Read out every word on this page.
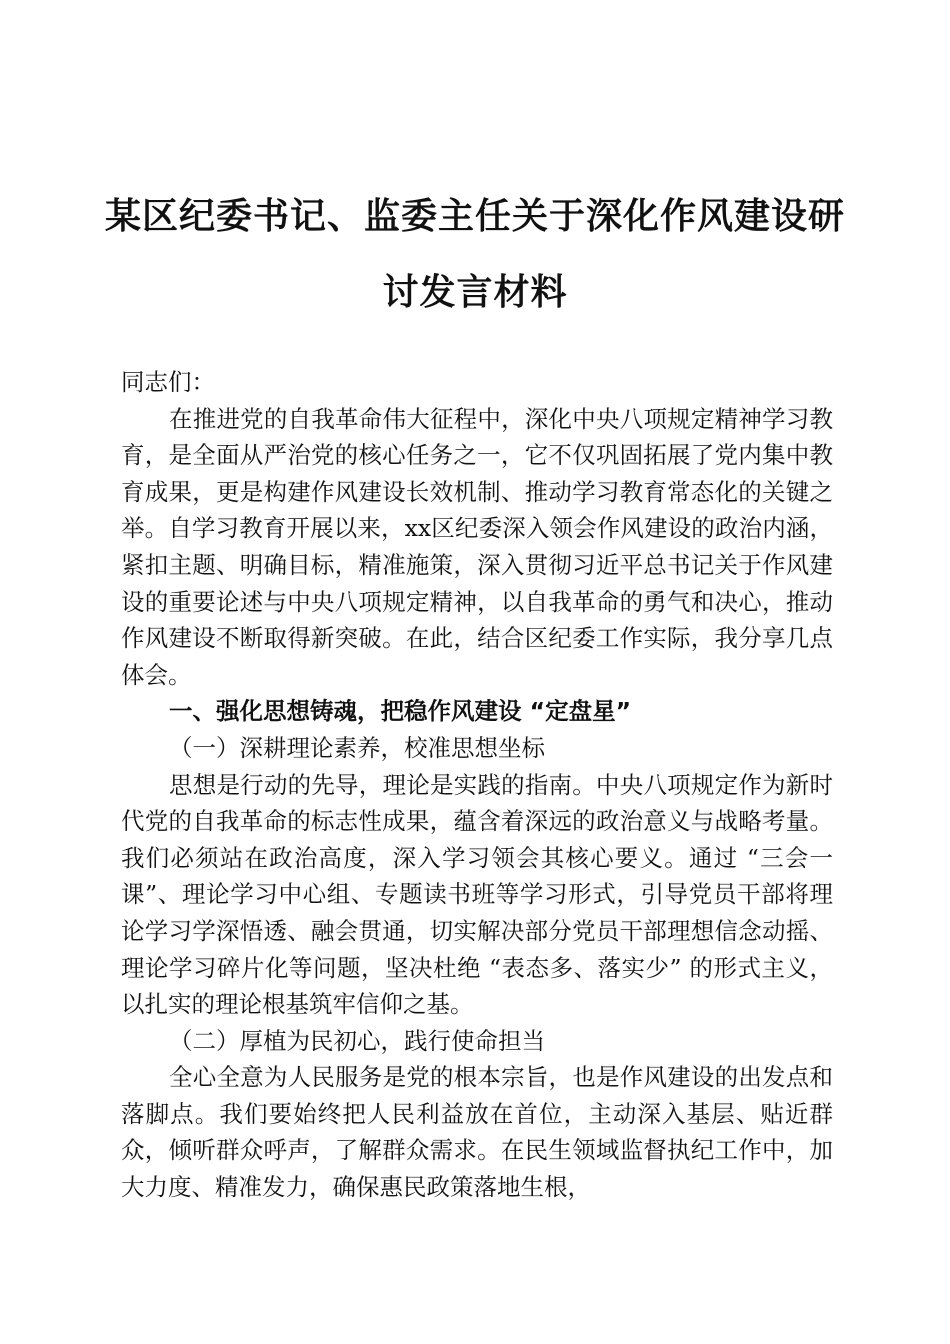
某区纪委书记、监委主任关于深化作风建设研
讨发言材料

同志们：

在推进党的自我革命伟大征程中，深化中央八项规定精神学习教育，是全面从严治党的核心任务之一，它不仅巩固拓展了党内集中教育成果，更是构建作风建设长效机制、推动学习教育常态化的关键之举。自学习教育开展以来，xx区纪委深入领会作风建设的政治内涵，紧扣主题、明确目标，精准施策，深入贯彻习近平总书记关于作风建设的重要论述与中央八项规定精神，以自我革命的勇气和决心，推动作风建设不断取得新突破。在此，结合区纪委工作实际，我分享几点体会。

一、强化思想铸魂，把稳作风建设 “定盘星”

（一）深耕理论素养，校准思想坐标

思想是行动的先导，理论是实践的指南。中央八项规定作为新时代党的自我革命的标志性成果，蕴含着深远的政治意义与战略考量。我们必须站在政治高度，深入学习领会其核心要义。通过 “三会一课”、理论学习中心组、专题读书班等学习形式，引导党员干部将理论学习学深悟透、融会贯通，切实解决部分党员干部理想信念动摇、理论学习碎片化等问题，坚决杜绝 “表态多、落实少” 的形式主义，以扎实的理论根基筑牢信仰之基。

（二）厚植为民初心，践行使命担当

全心全意为人民服务是党的根本宗旨，也是作风建设的出发点和落脚点。我们要始终把人民利益放在首位，主动深入基层、贴近群众，倾听群众呼声，了解群众需求。在民生领域监督执纪工作中，加大力度、精准发力，确保惠民政策落地生根，
